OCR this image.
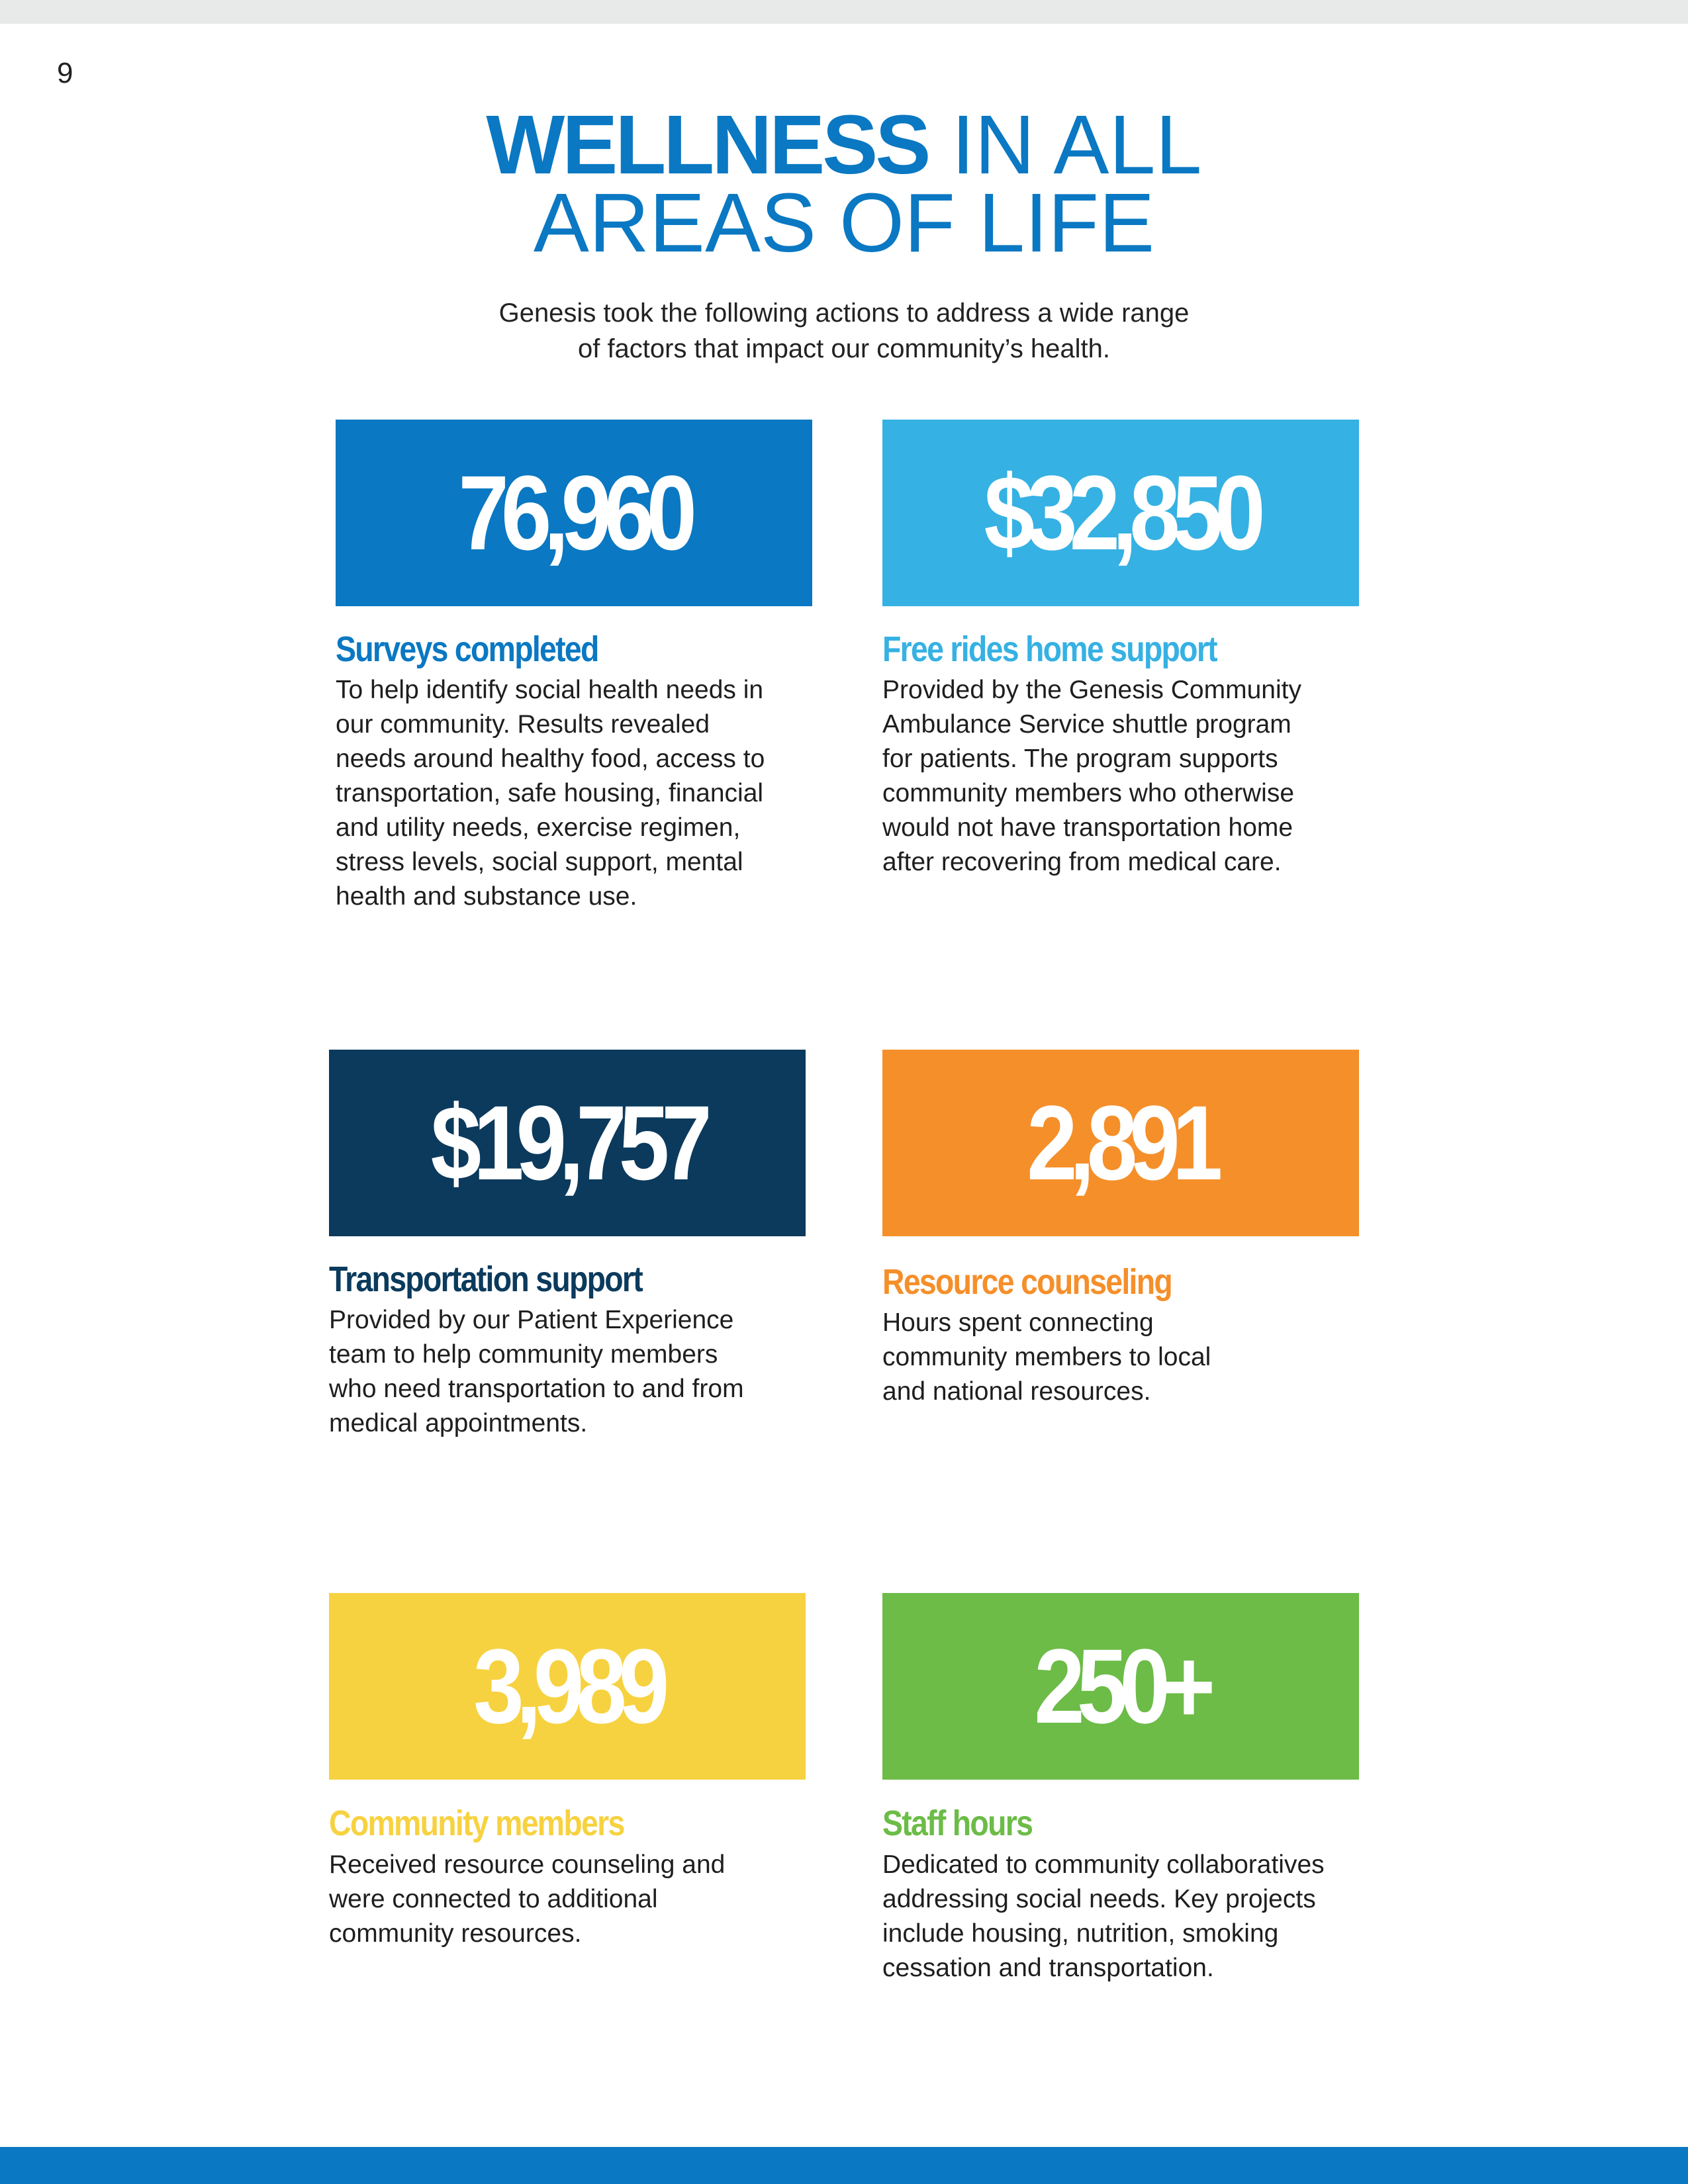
9
WELLNESS IN ALL
AREAS OF LIFE
Genesis took the following actions to address a wide range
of factors that impact our community’s health.
76,960
Surveys completed
To help identify social health needs in
our community. Results revealed
needs around healthy food, access to
transportation, safe housing, financial
and utility needs, exercise regimen,
stress levels, social support, mental
health and substance use.
$32,850
Free rides home support
Provided by the Genesis Community
Ambulance Service shuttle program
for patients. The program supports
community members who otherwise
would not have transportation home
after recovering from medical care.
$19,757
Transportation support
Provided by our Patient Experience
team to help community members
who need transportation to and from
medical appointments.
2,891
Resource counseling
Hours spent connecting
community members to local
and national resources.
3,989
Community members
Received resource counseling and
were connected to additional
community resources.
250+
Staff hours
Dedicated to community collaboratives
addressing social needs. Key projects
include housing, nutrition, smoking
cessation and transportation.
